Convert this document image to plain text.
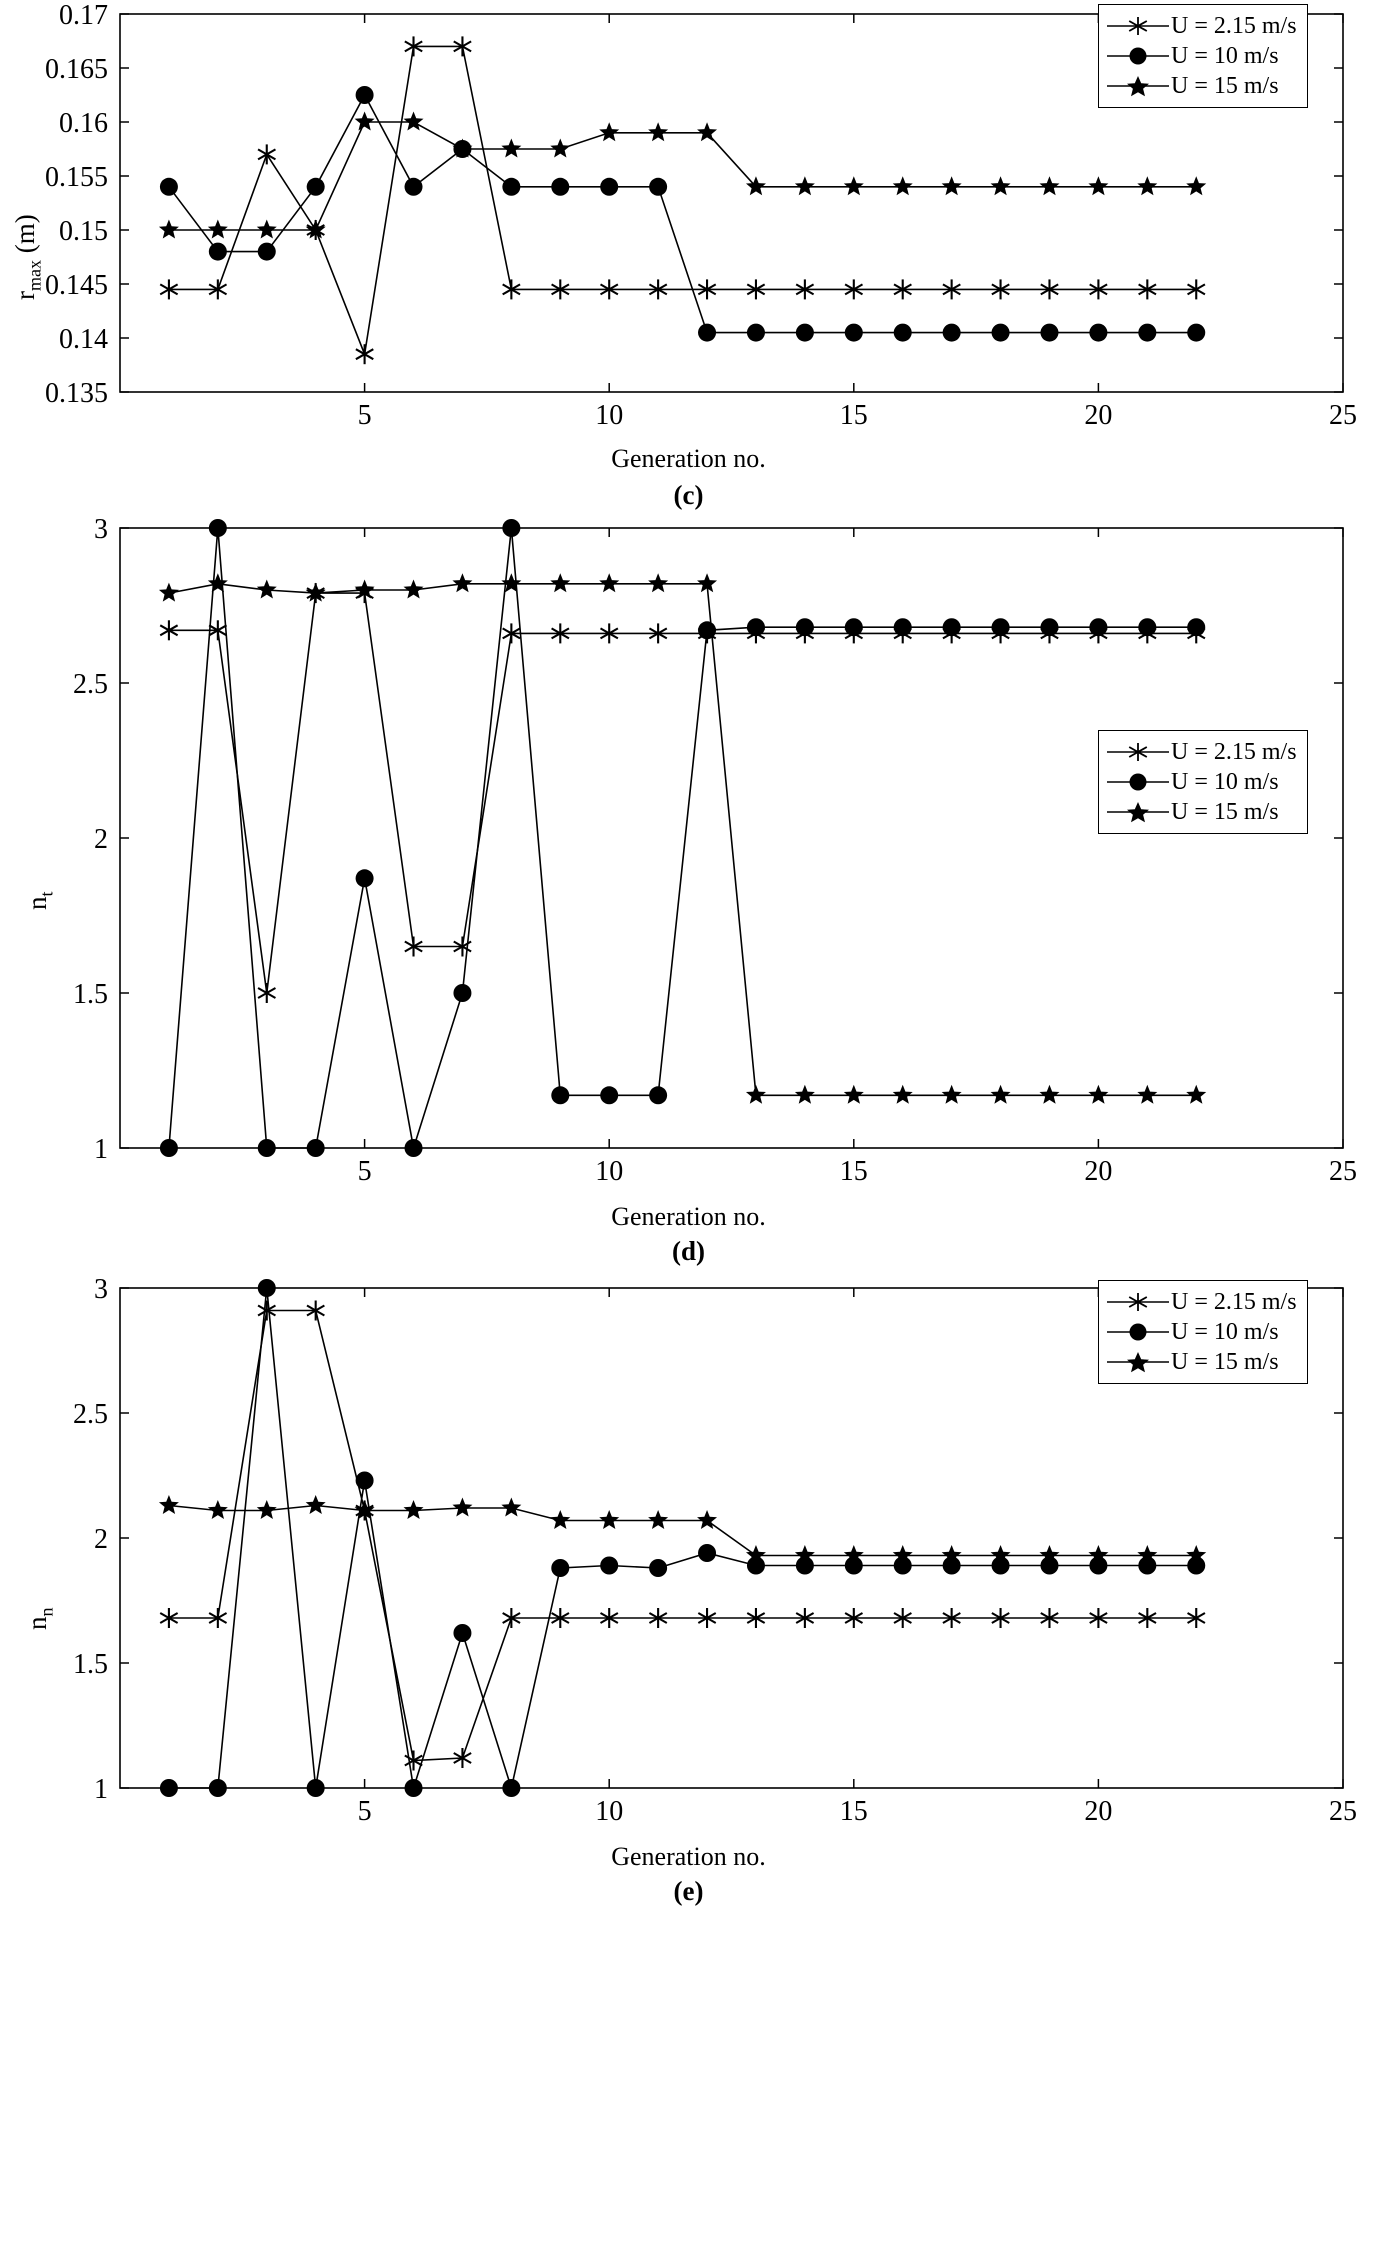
$r_{max}$ (m)
5	10	15	20	25
0.135
0.14
0.145
0.15
0.155
0.16
0.165
0.17	U = 2.15 m/s
U = 10 m/s
U = 15 m/s
Generation no.
(c)
$n_t$
5	10	15	20	25
1
1.5
2
2.5
3
U = 2.15 m/s
U = 10 m/s
U = 15 m/s
Generation no.
(d)
$n_n$
5	10	15	20	25
1
1.5
2
2.5
3	U = 2.15 m/s
U = 10 m/s
U = 15 m/s
Generation no.
(e)
